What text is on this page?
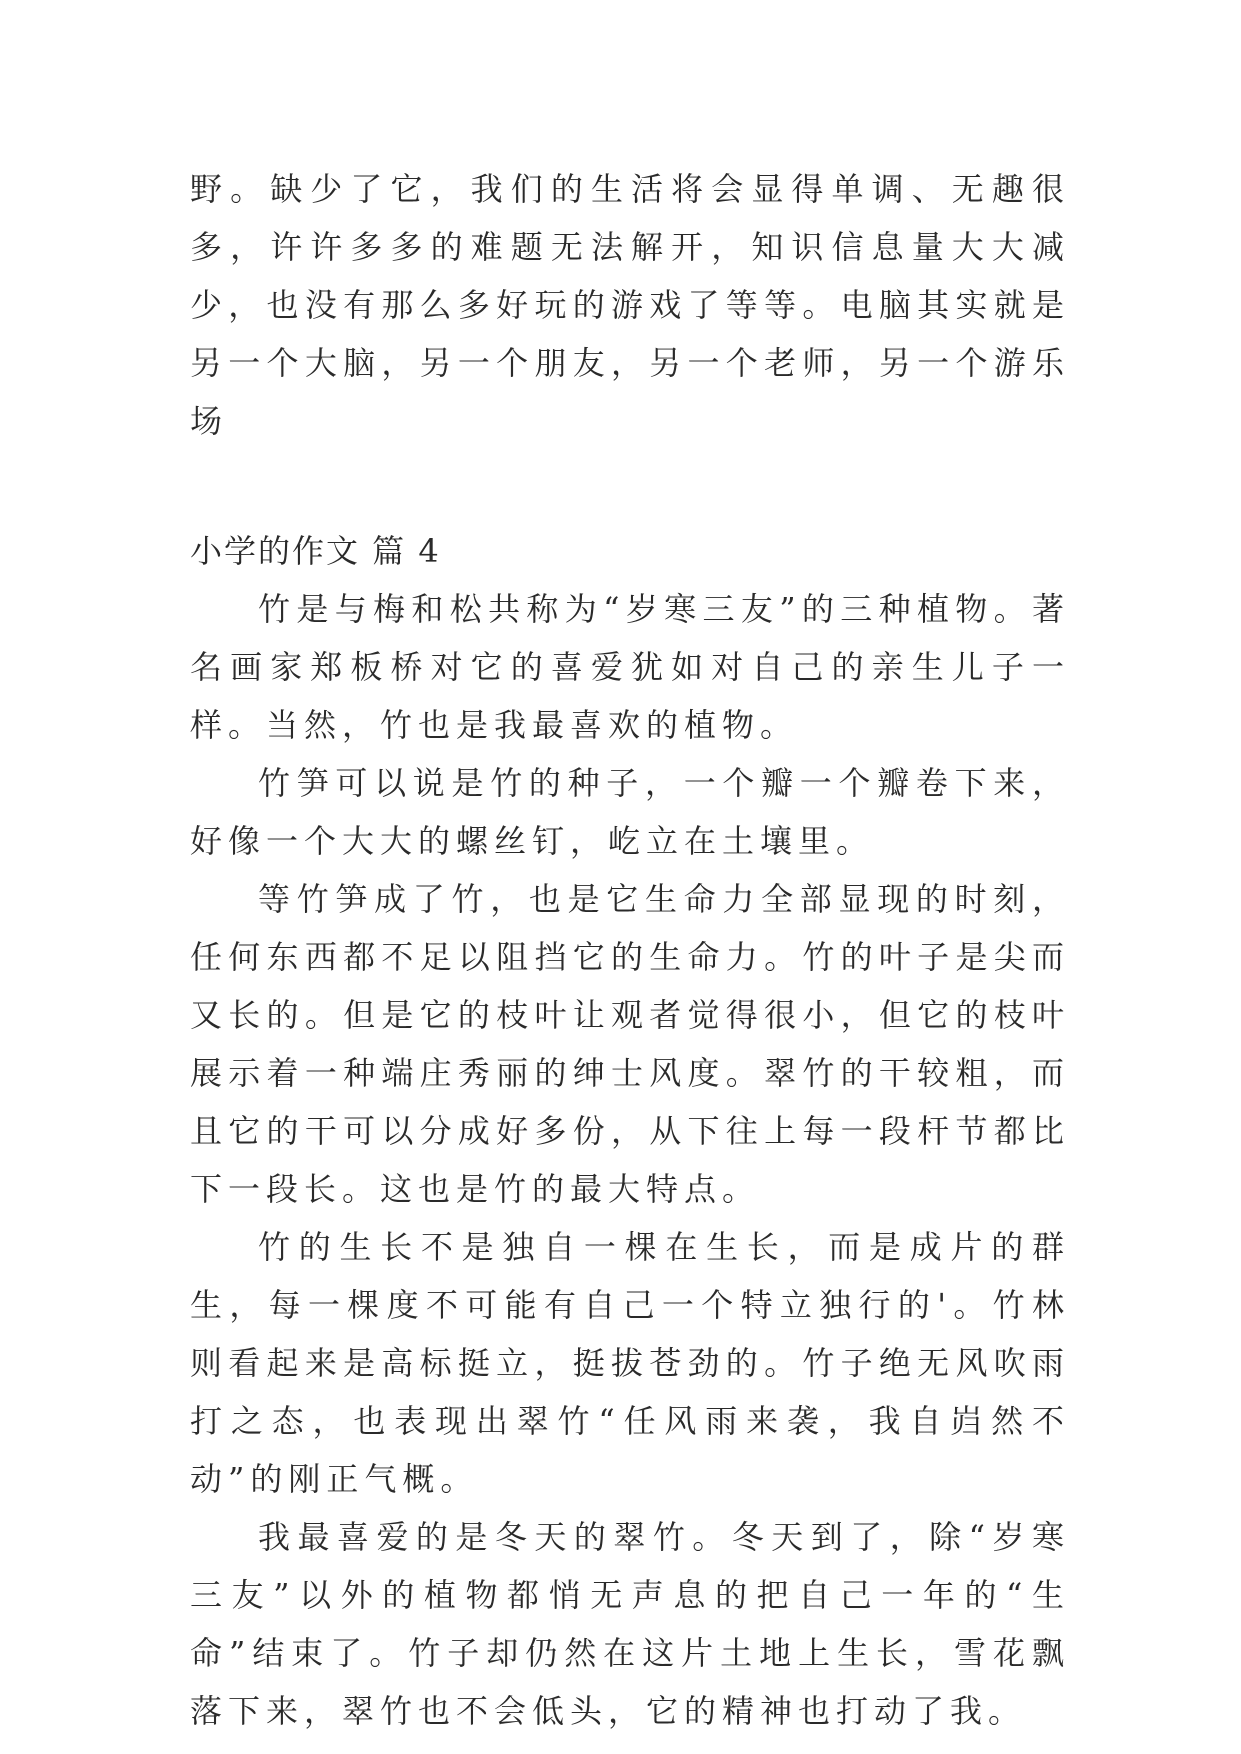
野。缺少了它，我们的生活将会显得单调、无趣很多，许许多多的难题无法解开，知识信息量大大减少，也没有那么多好玩的游戏了等等。电脑其实就是另一个大脑，另一个朋友，另一个老师，另一个游乐场

小学的作文 篇 4

竹是与梅和松共称为“岁寒三友”的三种植物。著名画家郑板桥对它的喜爱犹如对自己的亲生儿子一样。当然，竹也是我最喜欢的植物。

竹笋可以说是竹的种子，一个瓣一个瓣卷下来，好像一个大大的螺丝钉，屹立在土壤里。

等竹笋成了竹，也是它生命力全部显现的时刻，任何东西都不足以阻挡它的生命力。竹的叶子是尖而又长的。但是它的枝叶让观者觉得很小，但它的枝叶展示着一种端庄秀丽的绅士风度。翠竹的干较粗，而且它的干可以分成好多份，从下往上每一段杆节都比下一段长。这也是竹的最大特点。

竹的生长不是独自一棵在生长，而是成片的群生，每一棵度不可能有自己一个特立独行的'。竹林则看起来是高标挺立，挺拔苍劲的。竹子绝无风吹雨打之态，也表现出翠竹“任风雨来袭，我自岿然不动”的刚正气概。

我最喜爱的是冬天的翠竹。冬天到了，除“岁寒三友”以外的植物都悄无声息的把自己一年的“生命”结束了。竹子却仍然在这片土地上生长，雪花飘落下来，翠竹也不会低头，它的精神也打动了我。
